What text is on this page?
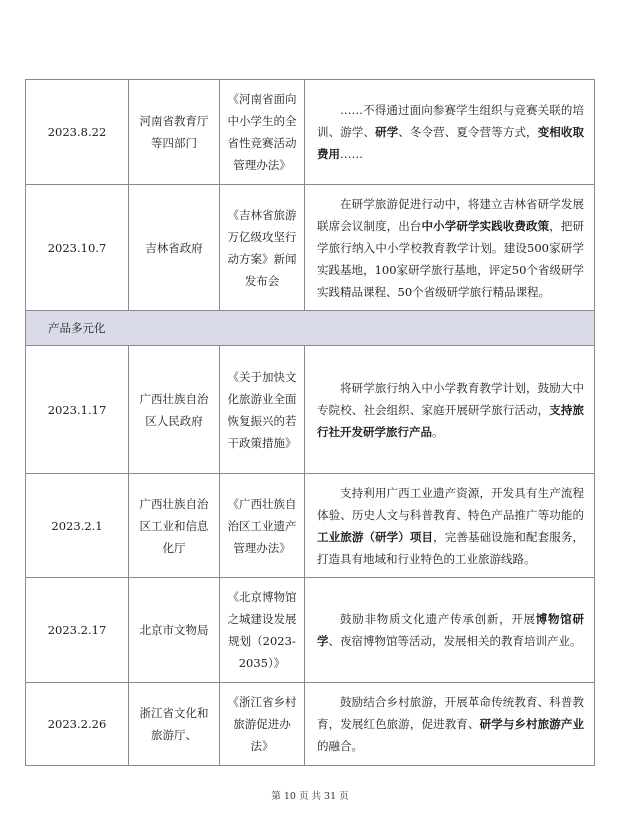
2023.8.22	河南省教育厅等四部门	《河南省面向中小学生的全省性竞赛活动管理办法》	……不得通过面向参赛学生组织与竞赛关联的培训、游学、研学、冬令营、夏令营等方式，变相收取费用……
2023.10.7	吉林省政府	《吉林省旅游万亿级攻坚行动方案》新闻发布会	在研学旅游促进行动中，将建立吉林省研学发展联席会议制度，出台中小学研学实践收费政策，把研学旅行纳入中小学校教育教学计划。建设500家研学实践基地，100家研学旅行基地，评定50个省级研学实践精品课程、50个省级研学旅行精品课程。
产品多元化			
2023.1.17	广西壮族自治区人民政府	《关于加快文化旅游业全面恢复振兴的若干政策措施》	将研学旅行纳入中小学教育教学计划，鼓励大中专院校、社会组织、家庭开展研学旅行活动，支持旅行社开发研学旅行产品。
2023.2.1	广西壮族自治区工业和信息化厅	《广西壮族自治区工业遗产管理办法》	支持利用广西工业遗产资源，开发具有生产流程体验、历史人文与科普教育、特色产品推广等功能的工业旅游（研学）项目，完善基础设施和配套服务，打造具有地域和行业特色的工业旅游线路。
2023.2.17	北京市文物局	《北京博物馆之城建设发展规划（2023-2035）》	鼓励非物质文化遗产传承创新，开展博物馆研学、夜宿博物馆等活动，发展相关的教育培训产业。
2023.2.26	浙江省文化和旅游厅、	《浙江省乡村旅游促进办法》	鼓励结合乡村旅游，开展革命传统教育、科普教育，发展红色旅游，促进教育、研学与乡村旅游产业的融合。
第 10 页 共 31 页
